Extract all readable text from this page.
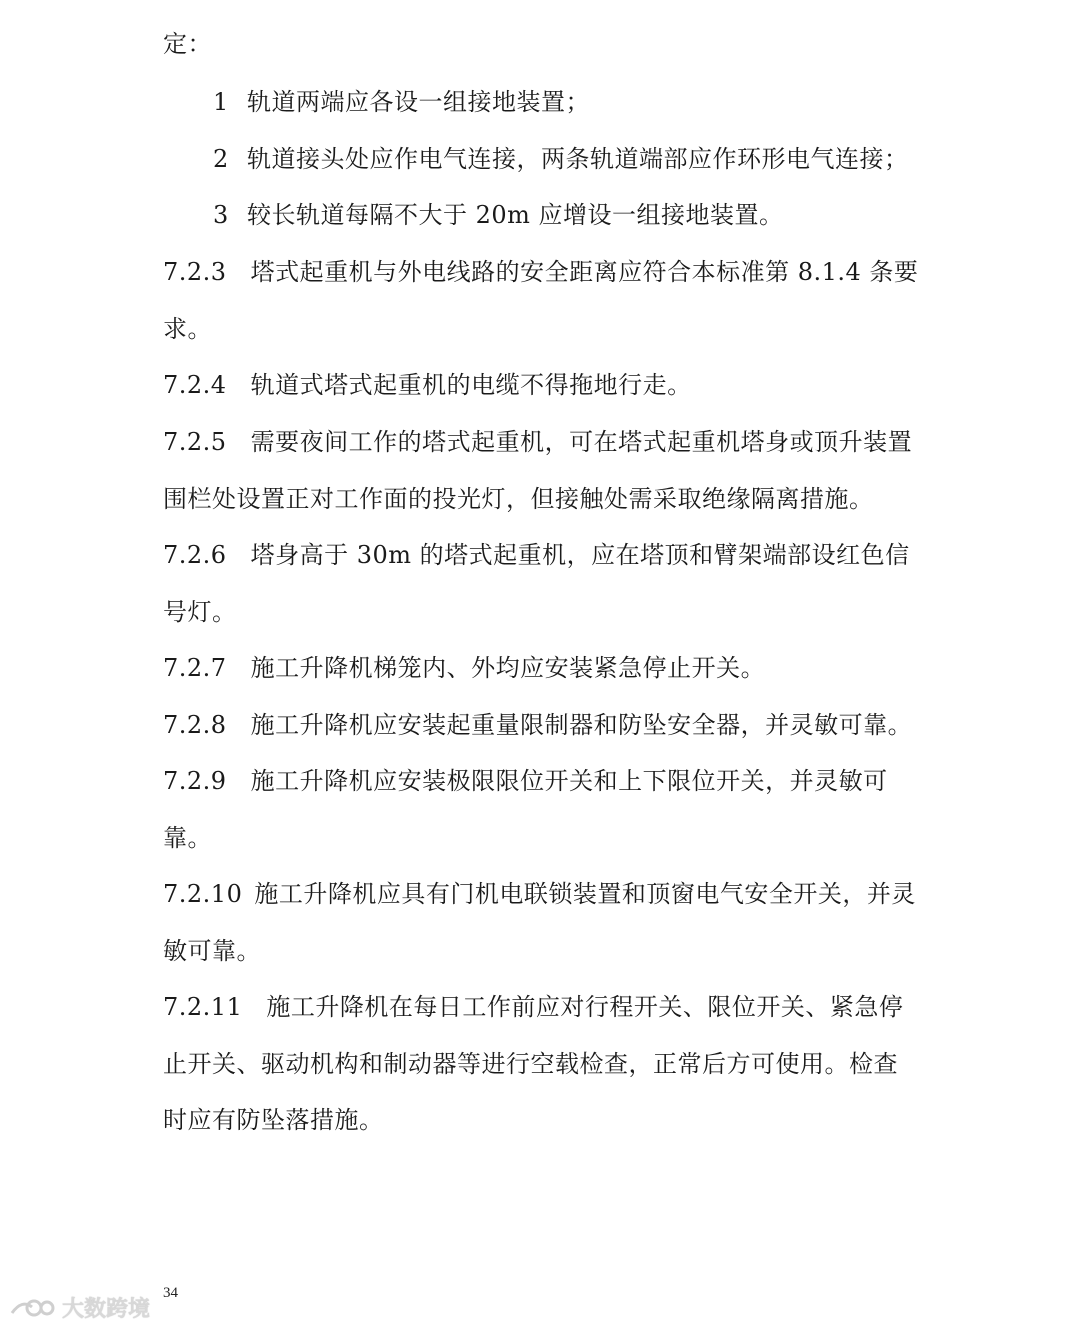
定：
1 轨道两端应各设一组接地装置；
2 轨道接头处应作电气连接，两条轨道端部应作环形电气连接；
3 较长轨道每隔不大于 20m 应增设一组接地装置。
7.2.3 塔式起重机与外电线路的安全距离应符合本标准第 8.1.4 条要
求。
7.2.4 轨道式塔式起重机的电缆不得拖地行走。
7.2.5 需要夜间工作的塔式起重机，可在塔式起重机塔身或顶升装置
围栏处设置正对工作面的投光灯，但接触处需采取绝缘隔离措施。
7.2.6 塔身高于 30m 的塔式起重机，应在塔顶和臂架端部设红色信
号灯。
7.2.7 施工升降机梯笼内、外均应安装紧急停止开关。
7.2.8 施工升降机应安装起重量限制器和防坠安全器，并灵敏可靠。
7.2.9 施工升降机应安装极限限位开关和上下限位开关，并灵敏可
靠。
7.2.10 施工升降机应具有门机电联锁装置和顶窗电气安全开关，并灵
敏可靠。
7.2.11 施工升降机在每日工作前应对行程开关、限位开关、紧急停
止开关、驱动机构和制动器等进行空载检查，正常后方可使用。检查
时应有防坠落措施。
34
大数跨境
